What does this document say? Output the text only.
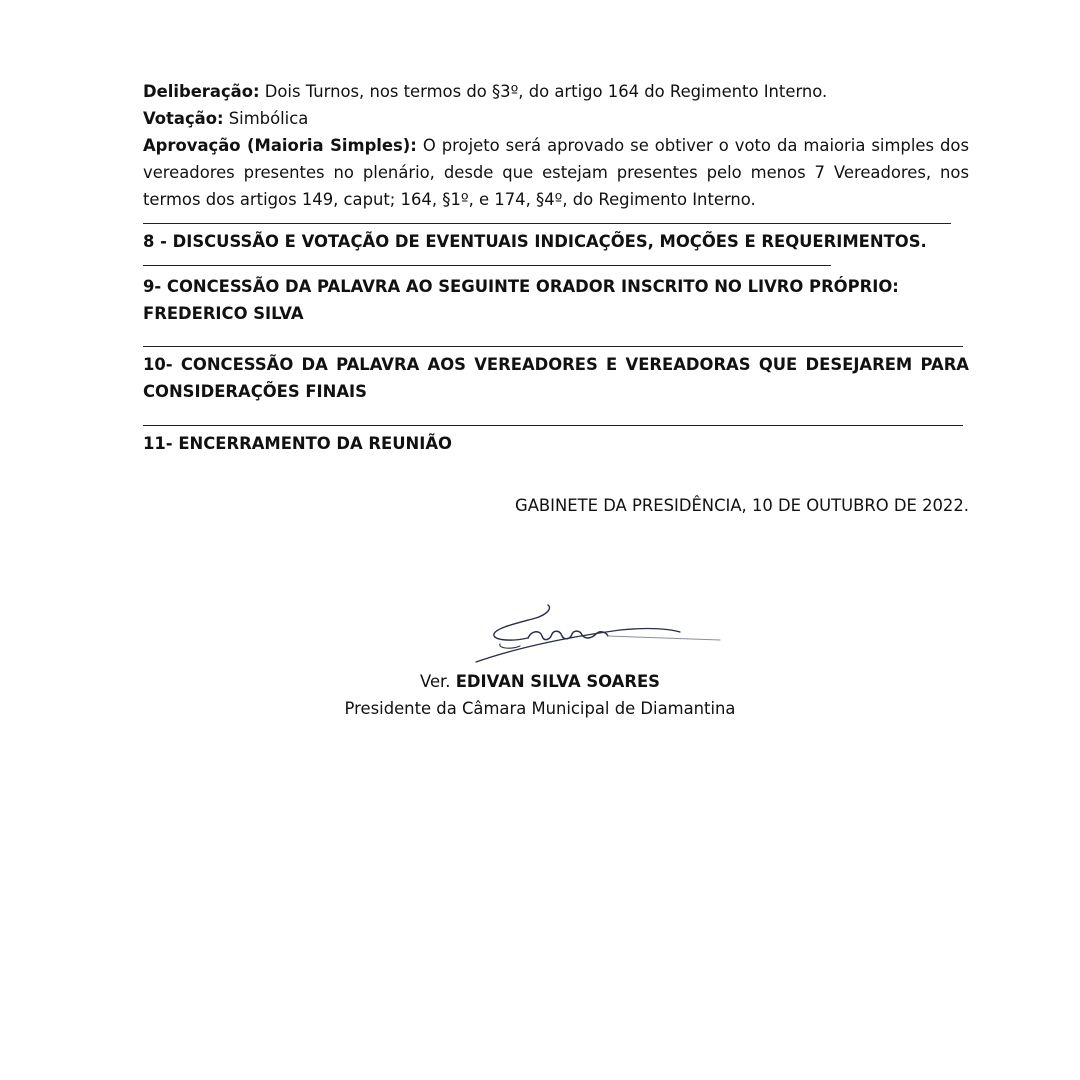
Deliberação: Dois Turnos, nos termos do §3º, do artigo 164 do Regimento Interno.

Votação: Simbólica

Aprovação (Maioria Simples): O projeto será aprovado se obtiver o voto da maioria simples dos vereadores presentes no plenário, desde que estejam presentes pelo menos 7 Vereadores, nos termos dos artigos 149, caput; 164, §1º, e 174, §4º, do Regimento Interno.

8 - DISCUSSÃO E VOTAÇÃO DE EVENTUAIS INDICAÇÕES, MOÇÕES E REQUERIMENTOS.

9- CONCESSÃO DA PALAVRA AO SEGUINTE ORADOR INSCRITO NO LIVRO PRÓPRIO:

FREDERICO SILVA

10- CONCESSÃO DA PALAVRA AOS VEREADORES E VEREADORAS QUE DESEJAREM PARA CONSIDERAÇÕES FINAIS

11- ENCERRAMENTO DA REUNIÃO

GABINETE DA PRESIDÊNCIA, 10 DE OUTUBRO DE 2022.
Ver. EDIVAN SILVA SOARES
Presidente da Câmara Municipal de Diamantina
